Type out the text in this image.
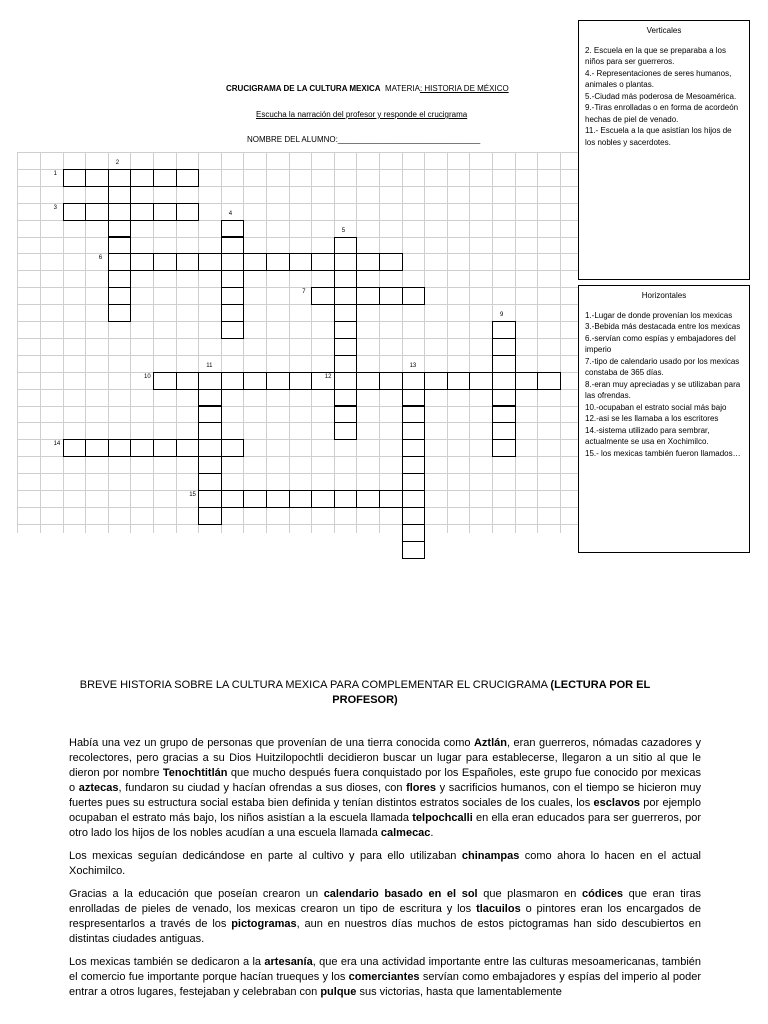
CRUCIGRAMA DE LA CULTURA MEXICA MATERIA: HISTORIA DE MÉXICO
Escucha la narración del profesor y responde el crucigrama
NOMBRE DEL ALUMNO:________________________________
1
2
3
4
5
6
7
9
10
11
12
13
14
15
Verticales
2. Escuela en la que se preparaba a los niños para ser guerreros.
4.- Representaciones de seres humanos, animales o plantas.
5.-Ciudad más poderosa de Mesoamérica.
9.-Tiras enrolladas o en forma de acordeón hechas de piel de venado.
11.- Escuela a la que asistían los hijos de los nobles y sacerdotes.
Horizontales
1.-Lugar de donde provenían los mexicas
3.-Bebida más destacada entre los mexicas
6.-servían como espías y embajadores del imperio
7.-tipo de calendario usado por los mexicas constaba de 365 días.
8.-eran muy apreciadas y se utilizaban para las ofrendas.
10.-ocupaban el estrato social más bajo
12.-asi se les llamaba a los escritores
14.-sistema utilizado para sembrar, actualmente se usa en Xochimilco.
15.- los mexicas también fueron llamados…
BREVE HISTORIA SOBRE LA CULTURA MEXICA PARA COMPLEMENTAR EL CRUCIGRAMA (LECTURA POR EL PROFESOR)

Había una vez un grupo de personas que provenían de una tierra conocida como Aztlán, eran guerreros, nómadas cazadores y recolectores, pero gracias a su Dios Huitzilopochtli decidieron buscar un lugar para establecerse, llegaron a un sitio al que le dieron por nombre Tenochtitlán que mucho después fuera conquistado por los Españoles, este grupo fue conocido por mexicas o aztecas, fundaron su ciudad y hacían ofrendas a sus dioses, con flores y sacrificios humanos, con el tiempo se hicieron muy fuertes pues su estructura social estaba bien definida y tenían distintos estratos sociales de los cuales, los esclavos por ejemplo ocupaban el estrato más bajo, los niños asistían a la escuela llamada telpochcalli en ella eran educados para ser guerreros, por otro lado los hijos de los nobles acudían a una escuela llamada calmecac.

Los mexicas seguían dedicándose en parte al cultivo y para ello utilizaban chinampas como ahora lo hacen en el actual Xochimilco.

Gracias a la educación que poseían crearon un calendario basado en el sol que plasmaron en códices que eran tiras enrolladas de pieles de venado, los mexicas crearon un tipo de escritura y los tlacuilos o pintores eran los encargados de respresentarlos a través de los pictogramas, aun en nuestros días muchos de estos pictogramas han sido descubiertos en distintas ciudades antiguas.

Los mexicas también se dedicaron a la artesanía, que era una actividad importante entre las culturas mesoamericanas, también el comercio fue importante porque hacían trueques y los comerciantes servían como embajadores y espías del imperio al poder entrar a otros lugares, festejaban y celebraban con pulque sus victorias, hasta que lamentablemente
